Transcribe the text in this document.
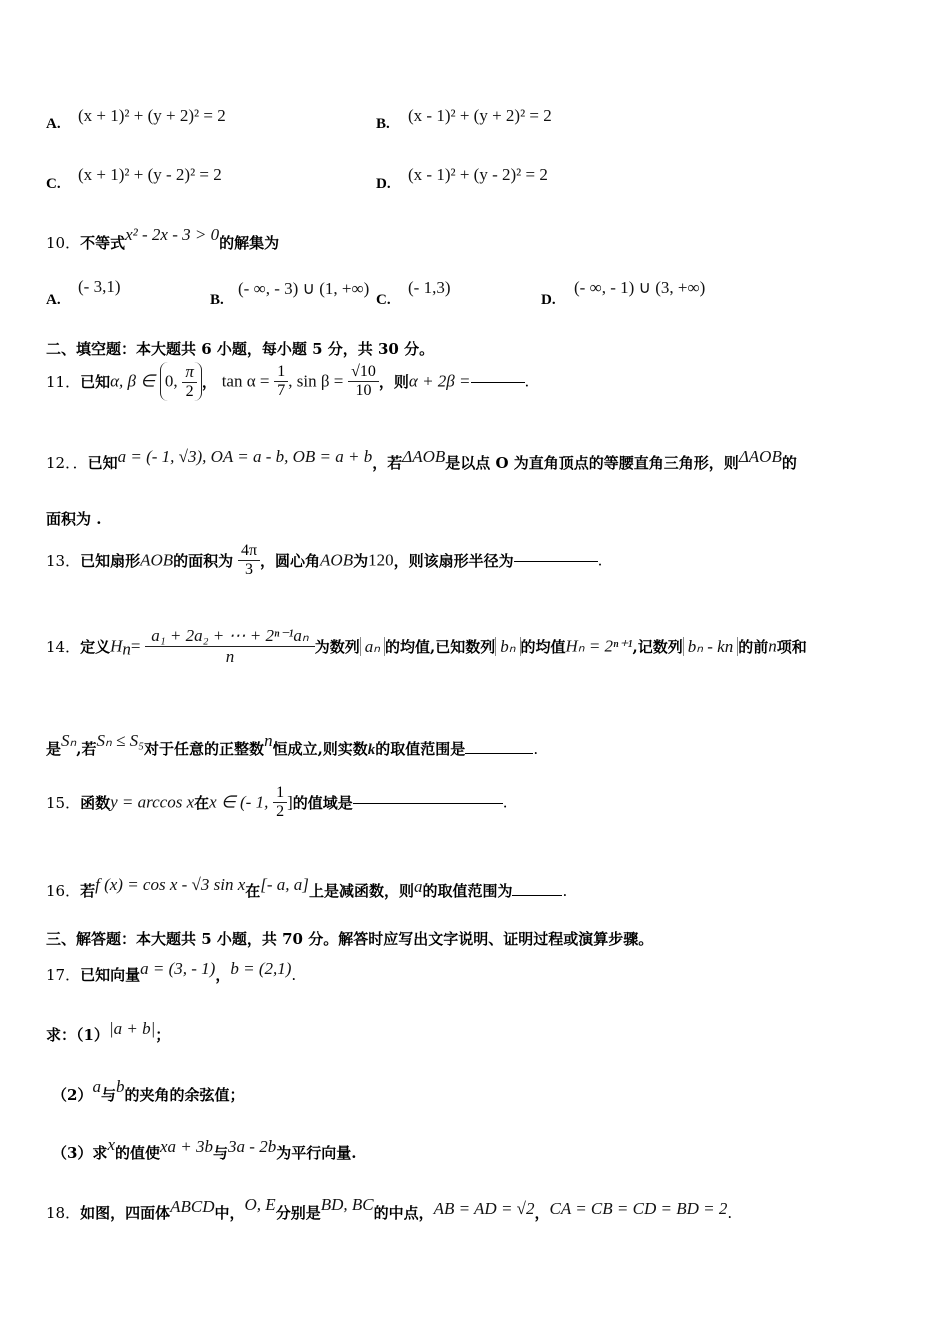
A. (x + 1)² + (y + 2)² = 2	B. (x - 1)² + (y + 2)² = 2
C. (x + 1)² + (y - 2)² = 2	D. (x - 1)² + (y - 2)² = 2
10．不等式x² - 2x - 3 > 0的解集为
A.
(- 3,1)
B.
(- ∞, - 3) ∪ (1, +∞)
C.
(- 1,3)
D.
(- ∞, - 1) ∪ (3, +∞)
二、填空题：本大题共 6 小题，每小题 5 分，共 30 分。
11．已知α, β ∈ 0, $\frac{\pi}{2}$ ， $\tan \alpha = \frac{1}{7}$ , $\sin \beta = \frac{√10}{10}$ ，则α + 2β =	.
12．．已知a = (- 1, √3), OA = a - b, OB = a + b，若ΔAOB是以点 O 为直角顶点的等腰直角三角形，则ΔAOB的
面积为 .
13．已知扇形AOB的面积为 $\frac{4\pi}{3}$ ，圆心角AOB为120，则该扇形半径为	.
14．定义$H_n= \frac{\text{a₁ + 2a₂ + ⋯ + 2ⁿ⁻¹aₙ}}{n}$ 为数列 aₙ 的均值,已知数列 bₙ 的均值Hₙ = 2ⁿ⁺¹,记数列 bₙ - kn 的前n项和
是Sₙ,若Sₙ ≤ S₅对于任意的正整数n恒成立,则实数k的取值范围是	.
15．函数y = arccos x在x ∈ (- 1, $\frac{1}{2}$ ]的值域是	.
16．若f (x) = cos x - √3 sin x在[- a, a]上是减函数，则a的取值范围为	.
三、解答题：本大题共 5 小题，共 70 分。解答时应写出文字说明、证明过程或演算步骤。
17．已知向量a = (3, - 1)，b = (2,1).
求：（1）|a + b|；
（2）a与b的夹角的余弦值；
（3）求x的值使xa + 3b与3a - 2b为平行向量.
18．如图，四面体ABCD中，O, E分别是BD, BC的中点，AB = AD = √2，CA = CB = CD = BD = 2.
